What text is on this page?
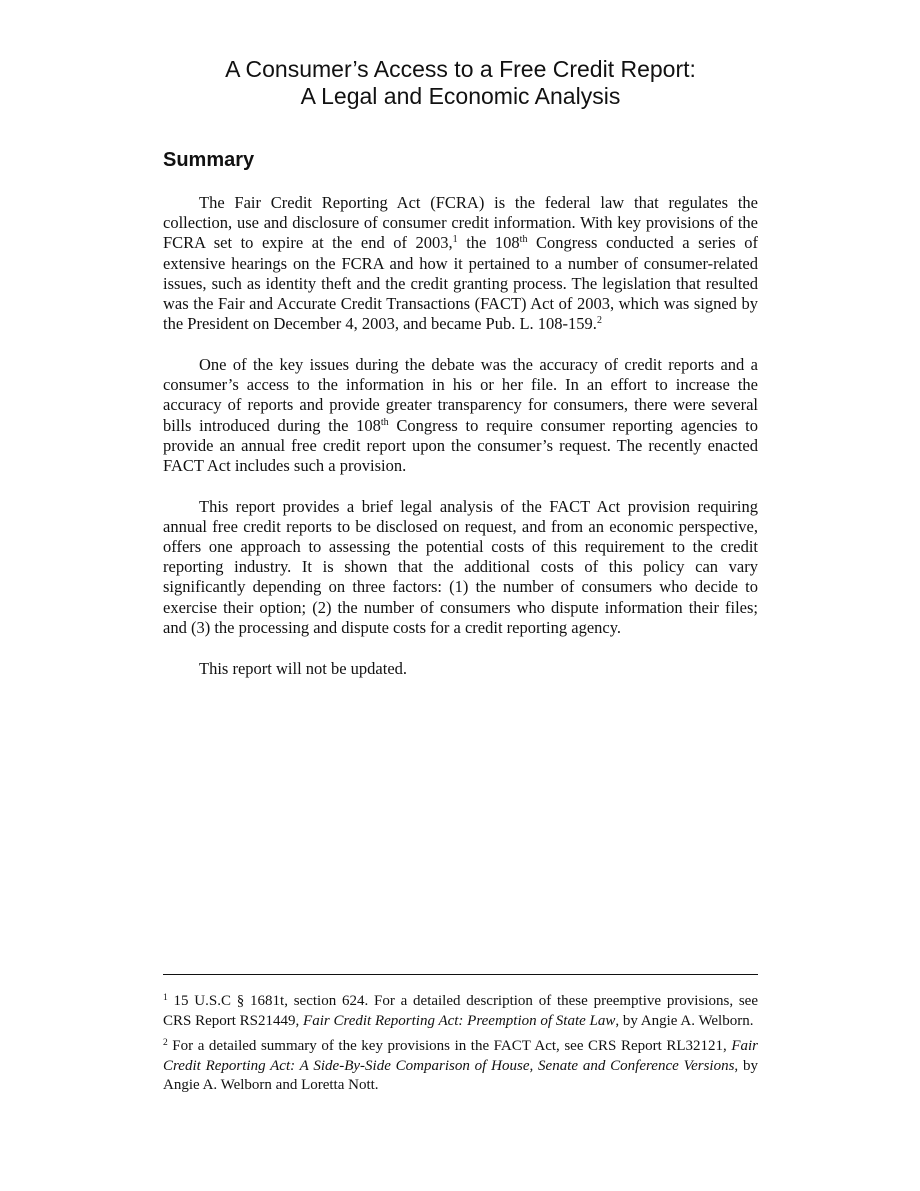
A Consumer’s Access to a Free Credit Report:
A Legal and Economic Analysis
Summary

The Fair Credit Reporting Act (FCRA) is the federal law that regulates the collection, use and disclosure of consumer credit information. With key provisions of the FCRA set to expire at the end of 2003,$^1$ the 108th Congress conducted a series of extensive hearings on the FCRA and how it pertained to a number of consumer-related issues, such as identity theft and the credit granting process. The legislation that resulted was the Fair and Accurate Credit Transactions (FACT) Act of 2003, which was signed by the President on December 4, 2003, and became Pub. L. 108-159.$^2$

One of the key issues during the debate was the accuracy of credit reports and a consumer’s access to the information in his or her file. In an effort to increase the accuracy of reports and provide greater transparency for consumers, there were several bills introduced during the 108th Congress to require consumer reporting agencies to provide an annual free credit report upon the consumer’s request. The recently enacted FACT Act includes such a provision.

This report provides a brief legal analysis of the FACT Act provision requiring annual free credit reports to be disclosed on request, and from an economic perspective, offers one approach to assessing the potential costs of this requirement to the credit reporting industry. It is shown that the additional costs of this policy can vary significantly depending on three factors: (1) the number of consumers who decide to exercise their option; (2) the number of consumers who dispute information their files; and (3) the processing and dispute costs for a credit reporting agency.

This report will not be updated.

$^1$ 15 U.S.C § 1681t, section 624. For a detailed description of these preemptive provisions, see CRS Report RS21449, Fair Credit Reporting Act: Preemption of State Law, by Angie A. Welborn.
$^2$ For a detailed summary of the key provisions in the FACT Act, see CRS Report RL32121, Fair Credit Reporting Act: A Side-By-Side Comparison of House, Senate and Conference Versions, by Angie A. Welborn and Loretta Nott.
